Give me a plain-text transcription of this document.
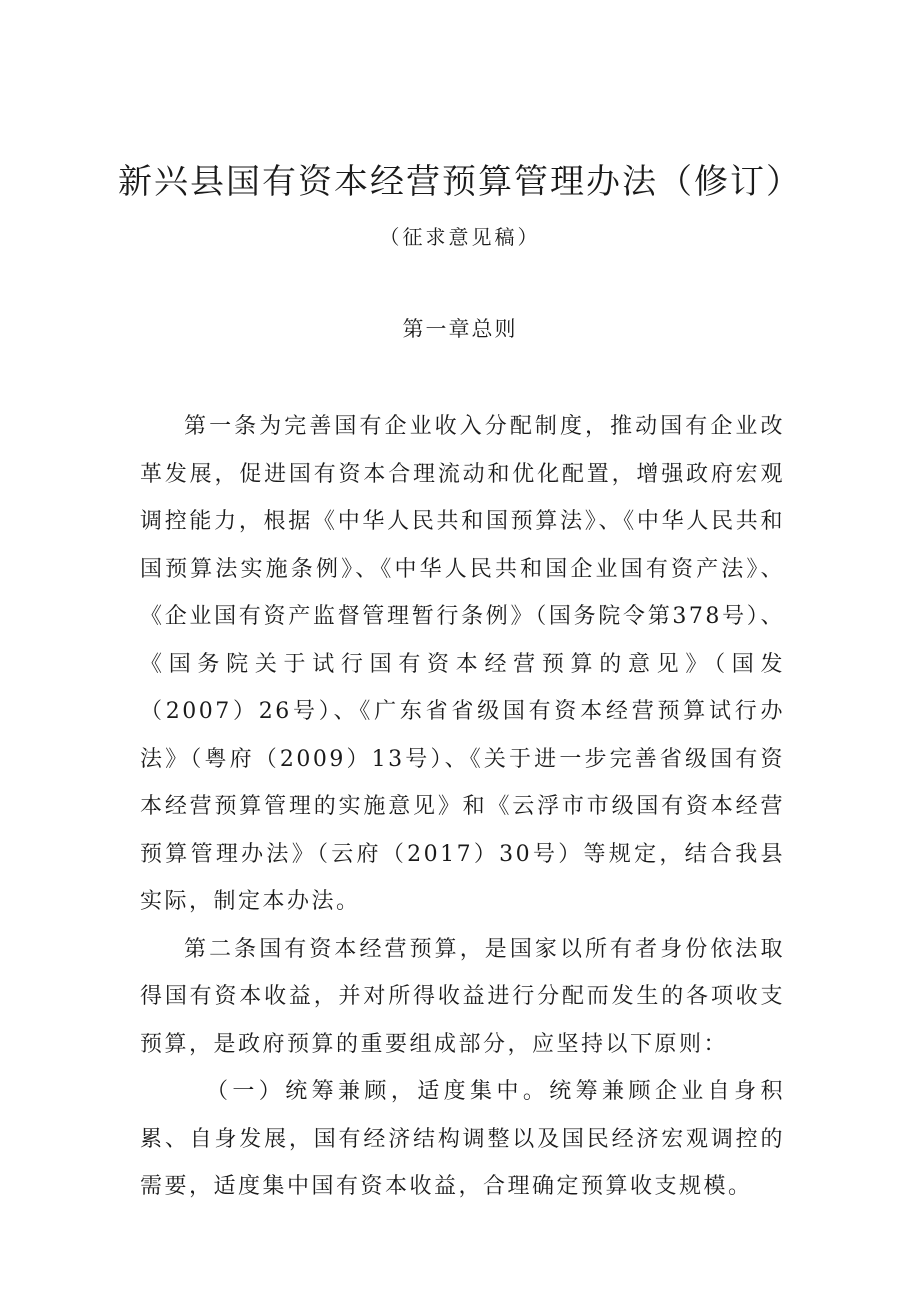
新兴县国有资本经营预算管理办法（修订）
（征求意见稿）
第一章总则

第一条为完善国有企业收入分配制度，推动国有企业改革发展，促进国有资本合理流动和优化配置，增强政府宏观调控能力，根据《中华人民共和国预算法》、《中华人民共和国预算法实施条例》、《中华人民共和国企业国有资产法》、《企业国有资产监督管理暂行条例》（国务院令第378号）、《国务院关于试行国有资本经营预算的意见》（国发（2007）26号）、《广东省省级国有资本经营预算试行办法》（粤府（2009）13号）、《关于进一步完善省级国有资本经营预算管理的实施意见》和《云浮市市级国有资本经营预算管理办法》（云府（2017）30号）等规定，结合我县实际，制定本办法。

第二条国有资本经营预算，是国家以所有者身份依法取得国有资本收益，并对所得收益进行分配而发生的各项收支预算，是政府预算的重要组成部分，应坚持以下原则：

（一）统筹兼顾，适度集中。统筹兼顾企业自身积累、自身发展，国有经济结构调整以及国民经济宏观调控的需要，适度集中国有资本收益，合理确定预算收支规模。
